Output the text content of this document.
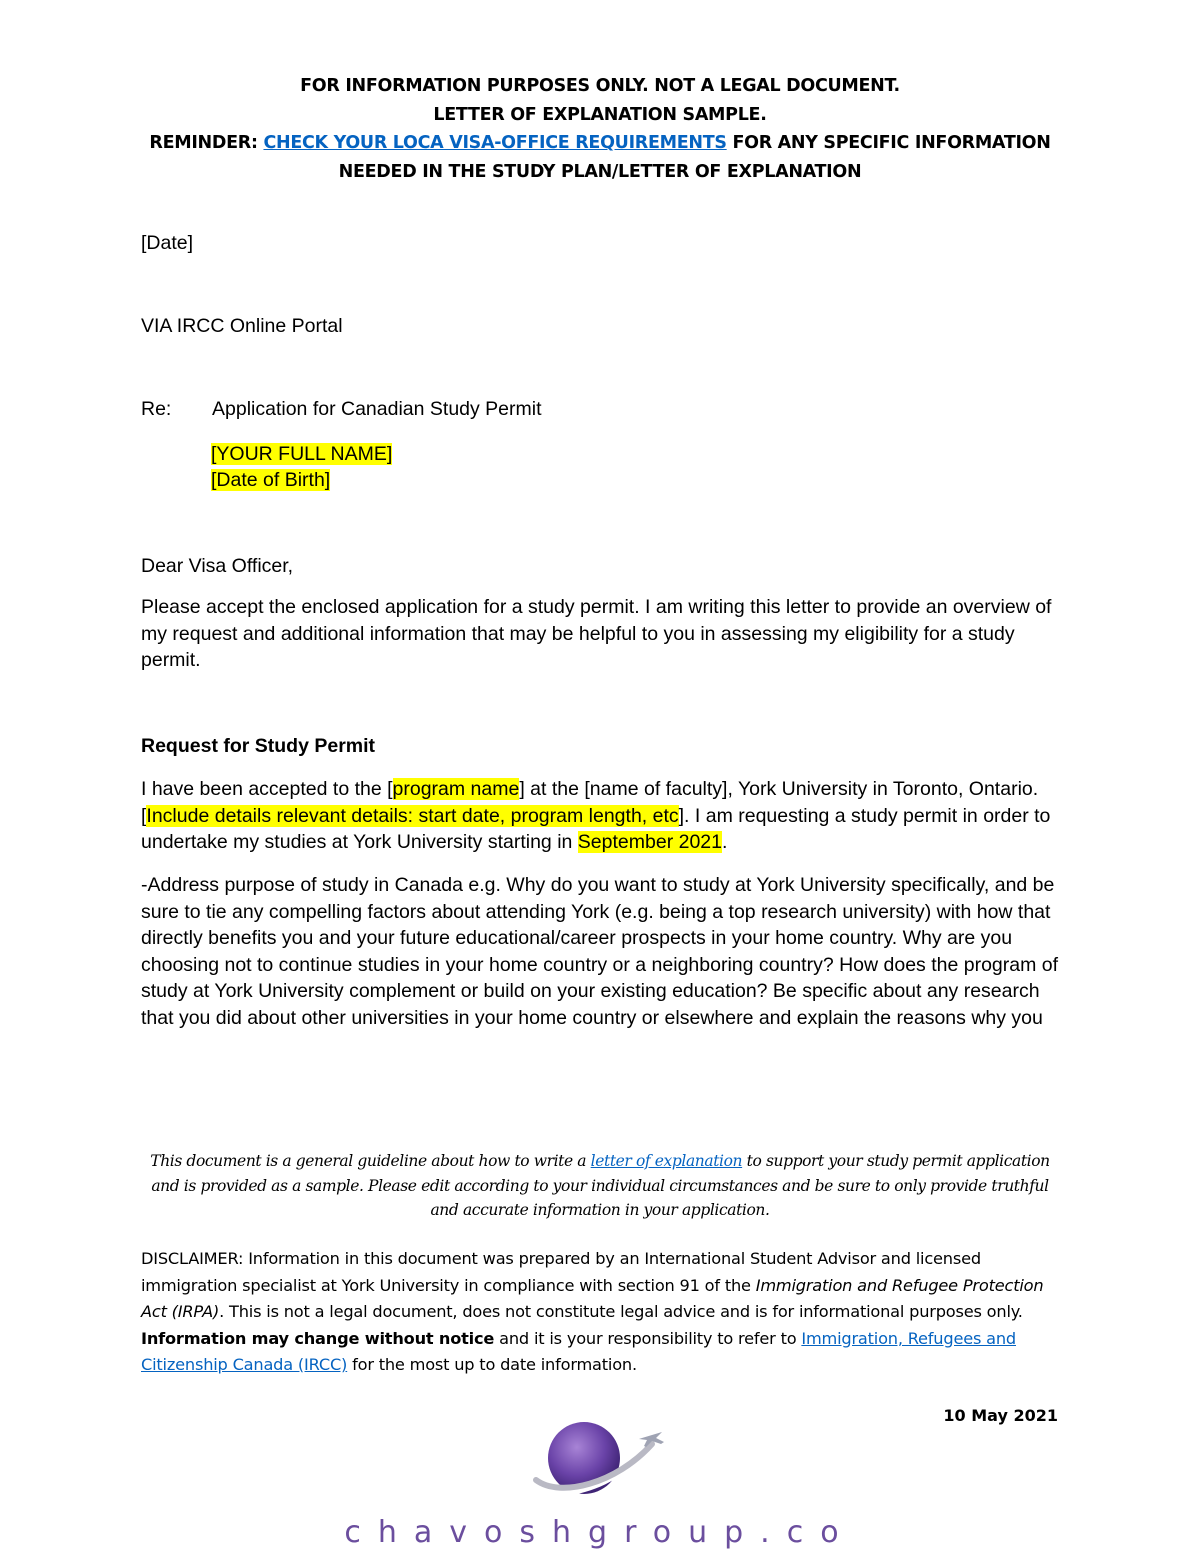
FOR INFORMATION PURPOSES ONLY. NOT A LEGAL DOCUMENT.
LETTER OF EXPLANATION SAMPLE.
REMINDER: CHECK YOUR LOCA VISA-OFFICE REQUIREMENTS FOR ANY SPECIFIC INFORMATION
NEEDED IN THE STUDY PLAN/LETTER OF EXPLANATION
[Date]
VIA IRCC Online Portal
Re: Application for Canadian Study Permit
[YOUR FULL NAME]
[Date of Birth]
Dear Visa Officer,

Please accept the enclosed application for a study permit. I am writing this letter to provide an overview of my request and additional information that may be helpful to you in assessing my eligibility for a study permit.

Request for Study Permit

I have been accepted to the [program name] at the [name of faculty], York University in Toronto, Ontario. [Include details relevant details: start date, program length, etc]. I am requesting a study permit in order to undertake my studies at York University starting in September 2021.

-Address purpose of study in Canada e.g. Why do you want to study at York University specifically, and be sure to tie any compelling factors about attending York (e.g. being a top research university) with how that directly benefits you and your future educational/career prospects in your home country. Why are you choosing not to continue studies in your home country or a neighboring country? How does the program of study at York University complement or build on your existing education? Be specific about any research that you did about other universities in your home country or elsewhere and explain the reasons why you

This document is a general guideline about how to write a letter of explanation to support your study permit application and is provided as a sample. Please edit according to your individual circumstances and be sure to only provide truthful and accurate information in your application.
DISCLAIMER: Information in this document was prepared by an International Student Advisor and licensed immigration specialist at York University in compliance with section 91 of the Immigration and Refugee Protection Act (IRPA). This is not a legal document, does not constitute legal advice and is for informational purposes only. Information may change without notice and it is your responsibility to refer to Immigration, Refugees and Citizenship Canada (IRCC) for the most up to date information.
10 May 2021
chavoshgroup.co
